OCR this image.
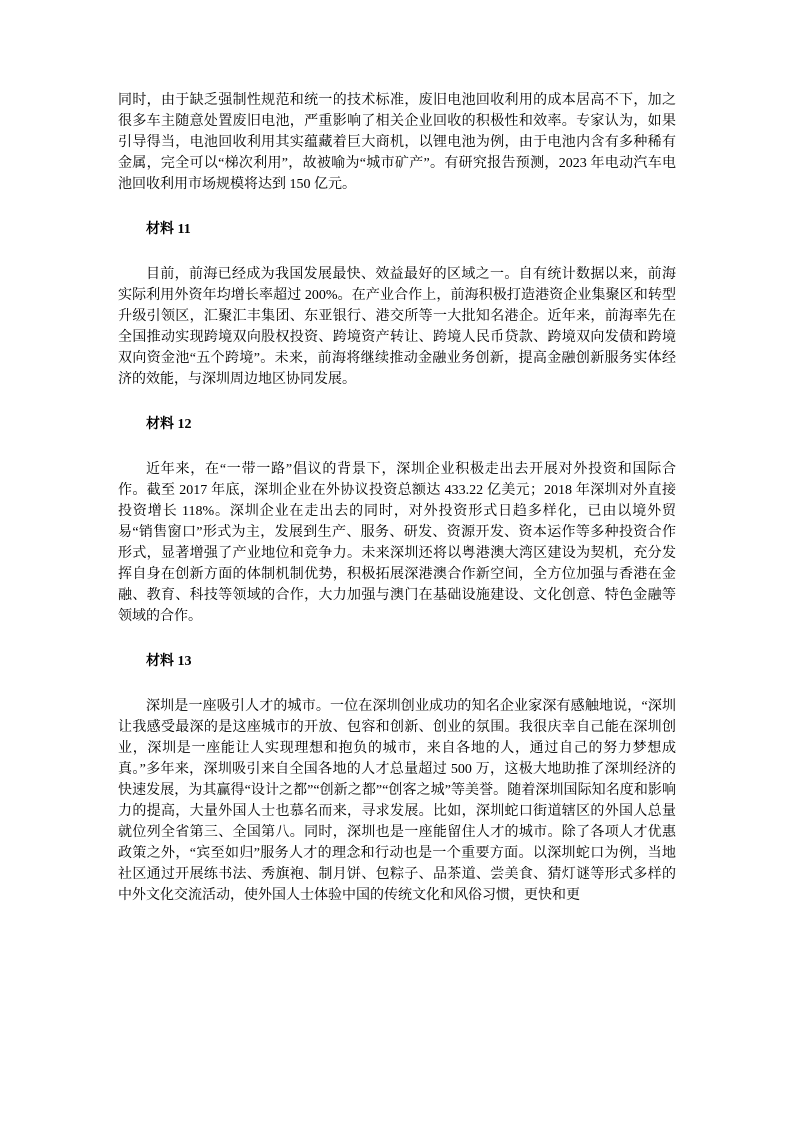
同时，由于缺乏强制性规范和统一的技术标准，废旧电池回收利用的成本居高不下，加之很多车主随意处置废旧电池，严重影响了相关企业回收的积极性和效率。专家认为，如果引导得当，电池回收利用其实蕴藏着巨大商机，以锂电池为例，由于电池内含有多种稀有金属，完全可以“梯次利用”，故被喻为“城市矿产”。有研究报告预测，2023 年电动汽车电池回收利用市场规模将达到 150 亿元。

材料 11

目前，前海已经成为我国发展最快、效益最好的区域之一。自有统计数据以来，前海实际利用外资年均增长率超过 200%。在产业合作上，前海积极打造港资企业集聚区和转型升级引领区，汇聚汇丰集团、东亚银行、港交所等一大批知名港企。近年来，前海率先在全国推动实现跨境双向股权投资、跨境资产转让、跨境人民币贷款、跨境双向发债和跨境双向资金池“五个跨境”。未来，前海将继续推动金融业务创新，提高金融创新服务实体经济的效能，与深圳周边地区协同发展。

材料 12

近年来，在“一带一路”倡议的背景下，深圳企业积极走出去开展对外投资和国际合作。截至 2017 年底，深圳企业在外协议投资总额达 433.22 亿美元；2018 年深圳对外直接投资增长 118%。深圳企业在走出去的同时，对外投资形式日趋多样化，已由以境外贸易“销售窗口”形式为主，发展到生产、服务、研发、资源开发、资本运作等多种投资合作形式，显著增强了产业地位和竞争力。未来深圳还将以粤港澳大湾区建设为契机，充分发挥自身在创新方面的体制机制优势，积极拓展深港澳合作新空间，全方位加强与香港在金融、教育、科技等领域的合作，大力加强与澳门在基础设施建设、文化创意、特色金融等领域的合作。

材料 13

深圳是一座吸引人才的城市。一位在深圳创业成功的知名企业家深有感触地说，“深圳让我感受最深的是这座城市的开放、包容和创新、创业的氛围。我很庆幸自己能在深圳创业，深圳是一座能让人实现理想和抱负的城市，来自各地的人，通过自己的努力梦想成真。”多年来，深圳吸引来自全国各地的人才总量超过 500 万，这极大地助推了深圳经济的快速发展，为其赢得“设计之都”“创新之都”“创客之城”等美誉。随着深圳国际知名度和影响力的提高，大量外国人士也慕名而来，寻求发展。比如，深圳蛇口街道辖区的外国人总量就位列全省第三、全国第八。同时，深圳也是一座能留住人才的城市。除了各项人才优惠政策之外，“宾至如归”服务人才的理念和行动也是一个重要方面。以深圳蛇口为例，当地社区通过开展练书法、秀旗袍、制月饼、包粽子、品茶道、尝美食、猜灯谜等形式多样的中外文化交流活动，使外国人士体验中国的传统文化和风俗习惯，更快和更
